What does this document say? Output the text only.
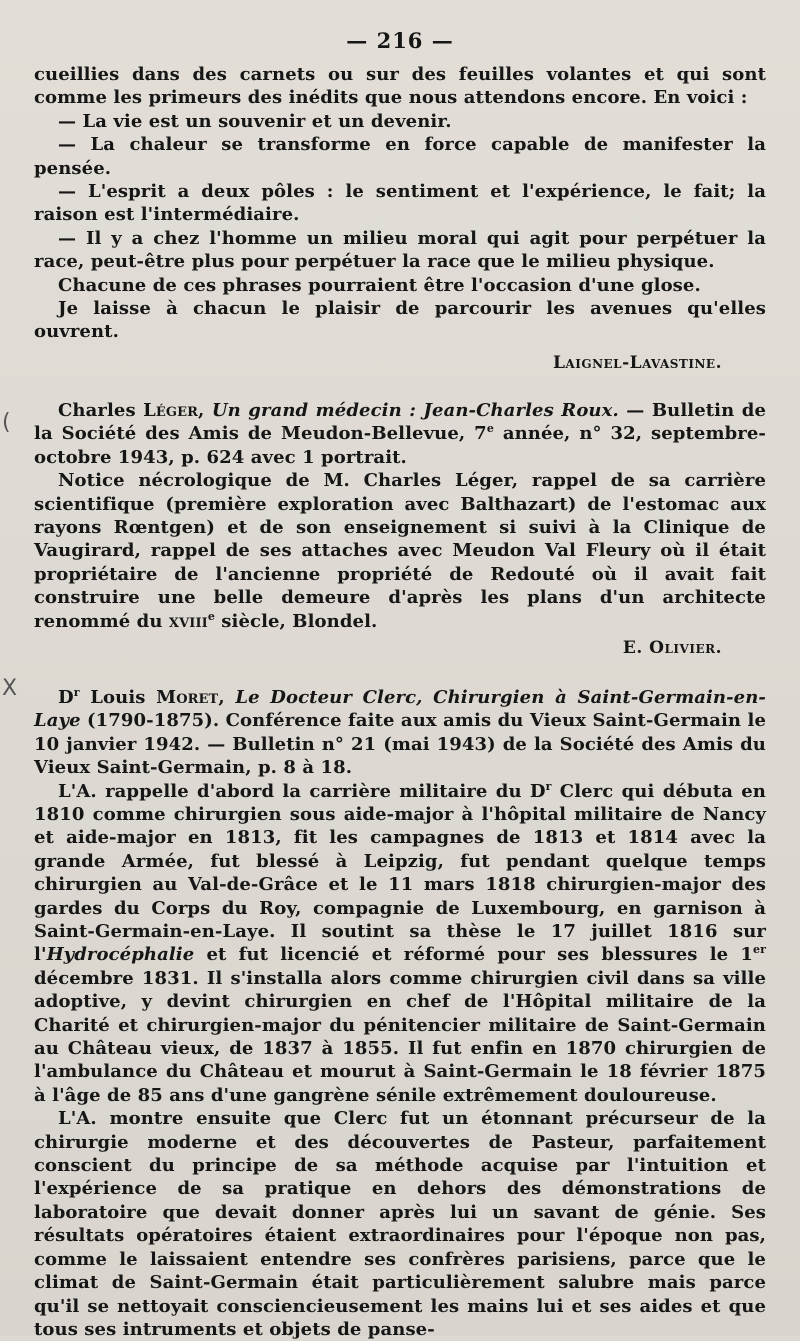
— 216 —

cueillies dans des carnets ou sur des feuilles volantes et qui sont comme les primeurs des inédits que nous attendons encore. En voici :

— La vie est un souvenir et un devenir.

— La chaleur se transforme en force capable de manifester la pensée.

— L'esprit a deux pôles : le sentiment et l'expérience, le fait; la raison est l'intermédiaire.

— Il y a chez l'homme un milieu moral qui agit pour perpétuer la race, peut-être plus pour perpétuer la race que le milieu physique.

Chacune de ces phrases pourraient être l'occasion d'une glose.

Je laisse à chacun le plaisir de parcourir les avenues qu'elles ouvrent.

Laignel-Lavastine.

Charles Léger, Un grand médecin : Jean-Charles Roux. — Bulletin de la Société des Amis de Meudon-Bellevue, 7e année, n° 32, septembre-octobre 1943, p. 624 avec 1 portrait.

Notice nécrologique de M. Charles Léger, rappel de sa carrière scientifique (première exploration avec Balthazart) de l'estomac aux rayons Rœntgen) et de son enseignement si suivi à la Clinique de Vaugirard, rappel de ses attaches avec Meudon Val Fleury où il était propriétaire de l'ancienne propriété de Redouté où il avait fait construire une belle demeure d'après les plans d'un architecte renommé du xviii$^e$ siècle, Blondel.

E. Olivier.

$D^r$ Louis Moret, Le Docteur Clerc, Chirurgien à Saint-Germain-en-Laye (1790-1875). Conférence faite aux amis du Vieux Saint-Germain le 10 janvier 1942. — Bulletin n° 21 (mai 1943) de la Société des Amis du Vieux Saint-Germain, p. 8 à 18.

L'A. rappelle d'abord la carrière militaire du $D^r$ Clerc qui débuta en 1810 comme chirurgien sous aide-major à l'hôpital militaire de Nancy et aide-major en 1813, fit les campagnes de 1813 et 1814 avec la grande Armée, fut blessé à Leipzig, fut pendant quelque temps chirurgien au Val-de-Grâce et le 11 mars 1818 chirurgien-major des gardes du Corps du Roy, compagnie de Luxembourg, en garnison à Saint-Germain-en-Laye. Il soutint sa thèse le 17 juillet 1816 sur l'Hydrocéphalie et fut licencié et réformé pour ses blessures le 1er décembre 1831. Il s'installa alors comme chirurgien civil dans sa ville adoptive, y devint chirurgien en chef de l'Hôpital militaire de la Charité et chirurgien-major du pénitencier militaire de Saint-Germain au Château vieux, de 1837 à 1855. Il fut enfin en 1870 chirurgien de l'ambulance du Château et mourut à Saint-Germain le 18 février 1875 à l'âge de 85 ans d'une gangrène sénile extrêmement douloureuse.

L'A. montre ensuite que Clerc fut un étonnant précurseur de la chirurgie moderne et des découvertes de Pasteur, parfaitement conscient du principe de sa méthode acquise par l'intuition et l'expérience de sa pratique en dehors des démonstrations de laboratoire que devait donner après lui un savant de génie. Ses résultats opératoires étaient extraordinaires pour l'époque non pas, comme le laissaient entendre ses confrères parisiens, parce que le climat de Saint-Germain était particulièrement salubre mais parce qu'il se nettoyait consciencieusement les mains lui et ses aides et que tous ses intruments et objets de panse-

(
X
